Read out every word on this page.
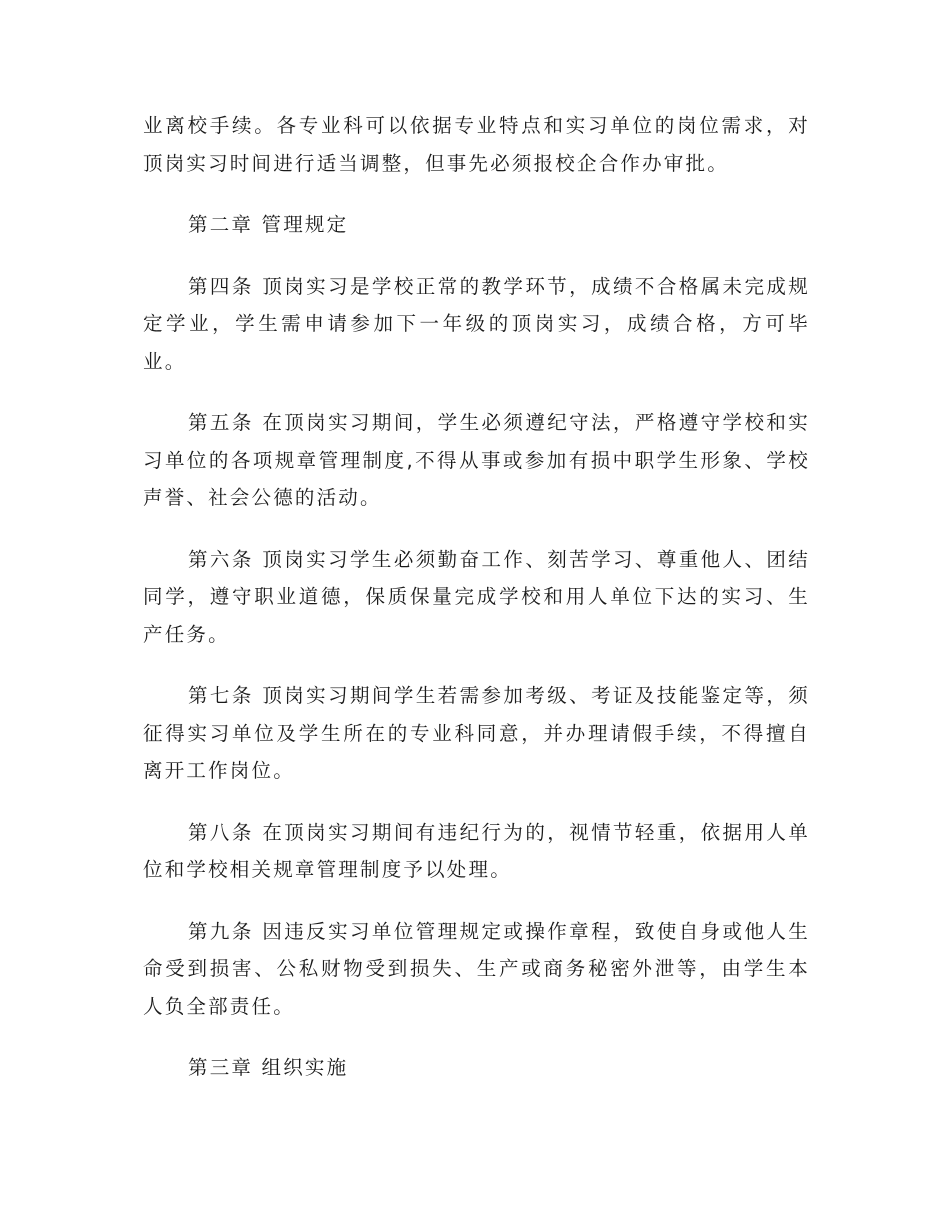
业离校手续。各专业科可以依据专业特点和实习单位的岗位需求，对顶岗实习时间进行适当调整，但事先必须报校企合作办审批。

第二章 管理规定

第四条 顶岗实习是学校正常的教学环节，成绩不合格属未完成规定学业，学生需申请参加下一年级的顶岗实习，成绩合格，方可毕业。

第五条 在顶岗实习期间，学生必须遵纪守法，严格遵守学校和实习单位的各项规章管理制度,不得从事或参加有损中职学生形象、学校声誉、社会公德的活动。

第六条 顶岗实习学生必须勤奋工作、刻苦学习、尊重他人、团结同学，遵守职业道德，保质保量完成学校和用人单位下达的实习、生产任务。

第七条 顶岗实习期间学生若需参加考级、考证及技能鉴定等，须征得实习单位及学生所在的专业科同意，并办理请假手续，不得擅自离开工作岗位。

第八条 在顶岗实习期间有违纪行为的，视情节轻重，依据用人单位和学校相关规章管理制度予以处理。

第九条 因违反实习单位管理规定或操作章程，致使自身或他人生命受到损害、公私财物受到损失、生产或商务秘密外泄等，由学生本人负全部责任。

第三章 组织实施
